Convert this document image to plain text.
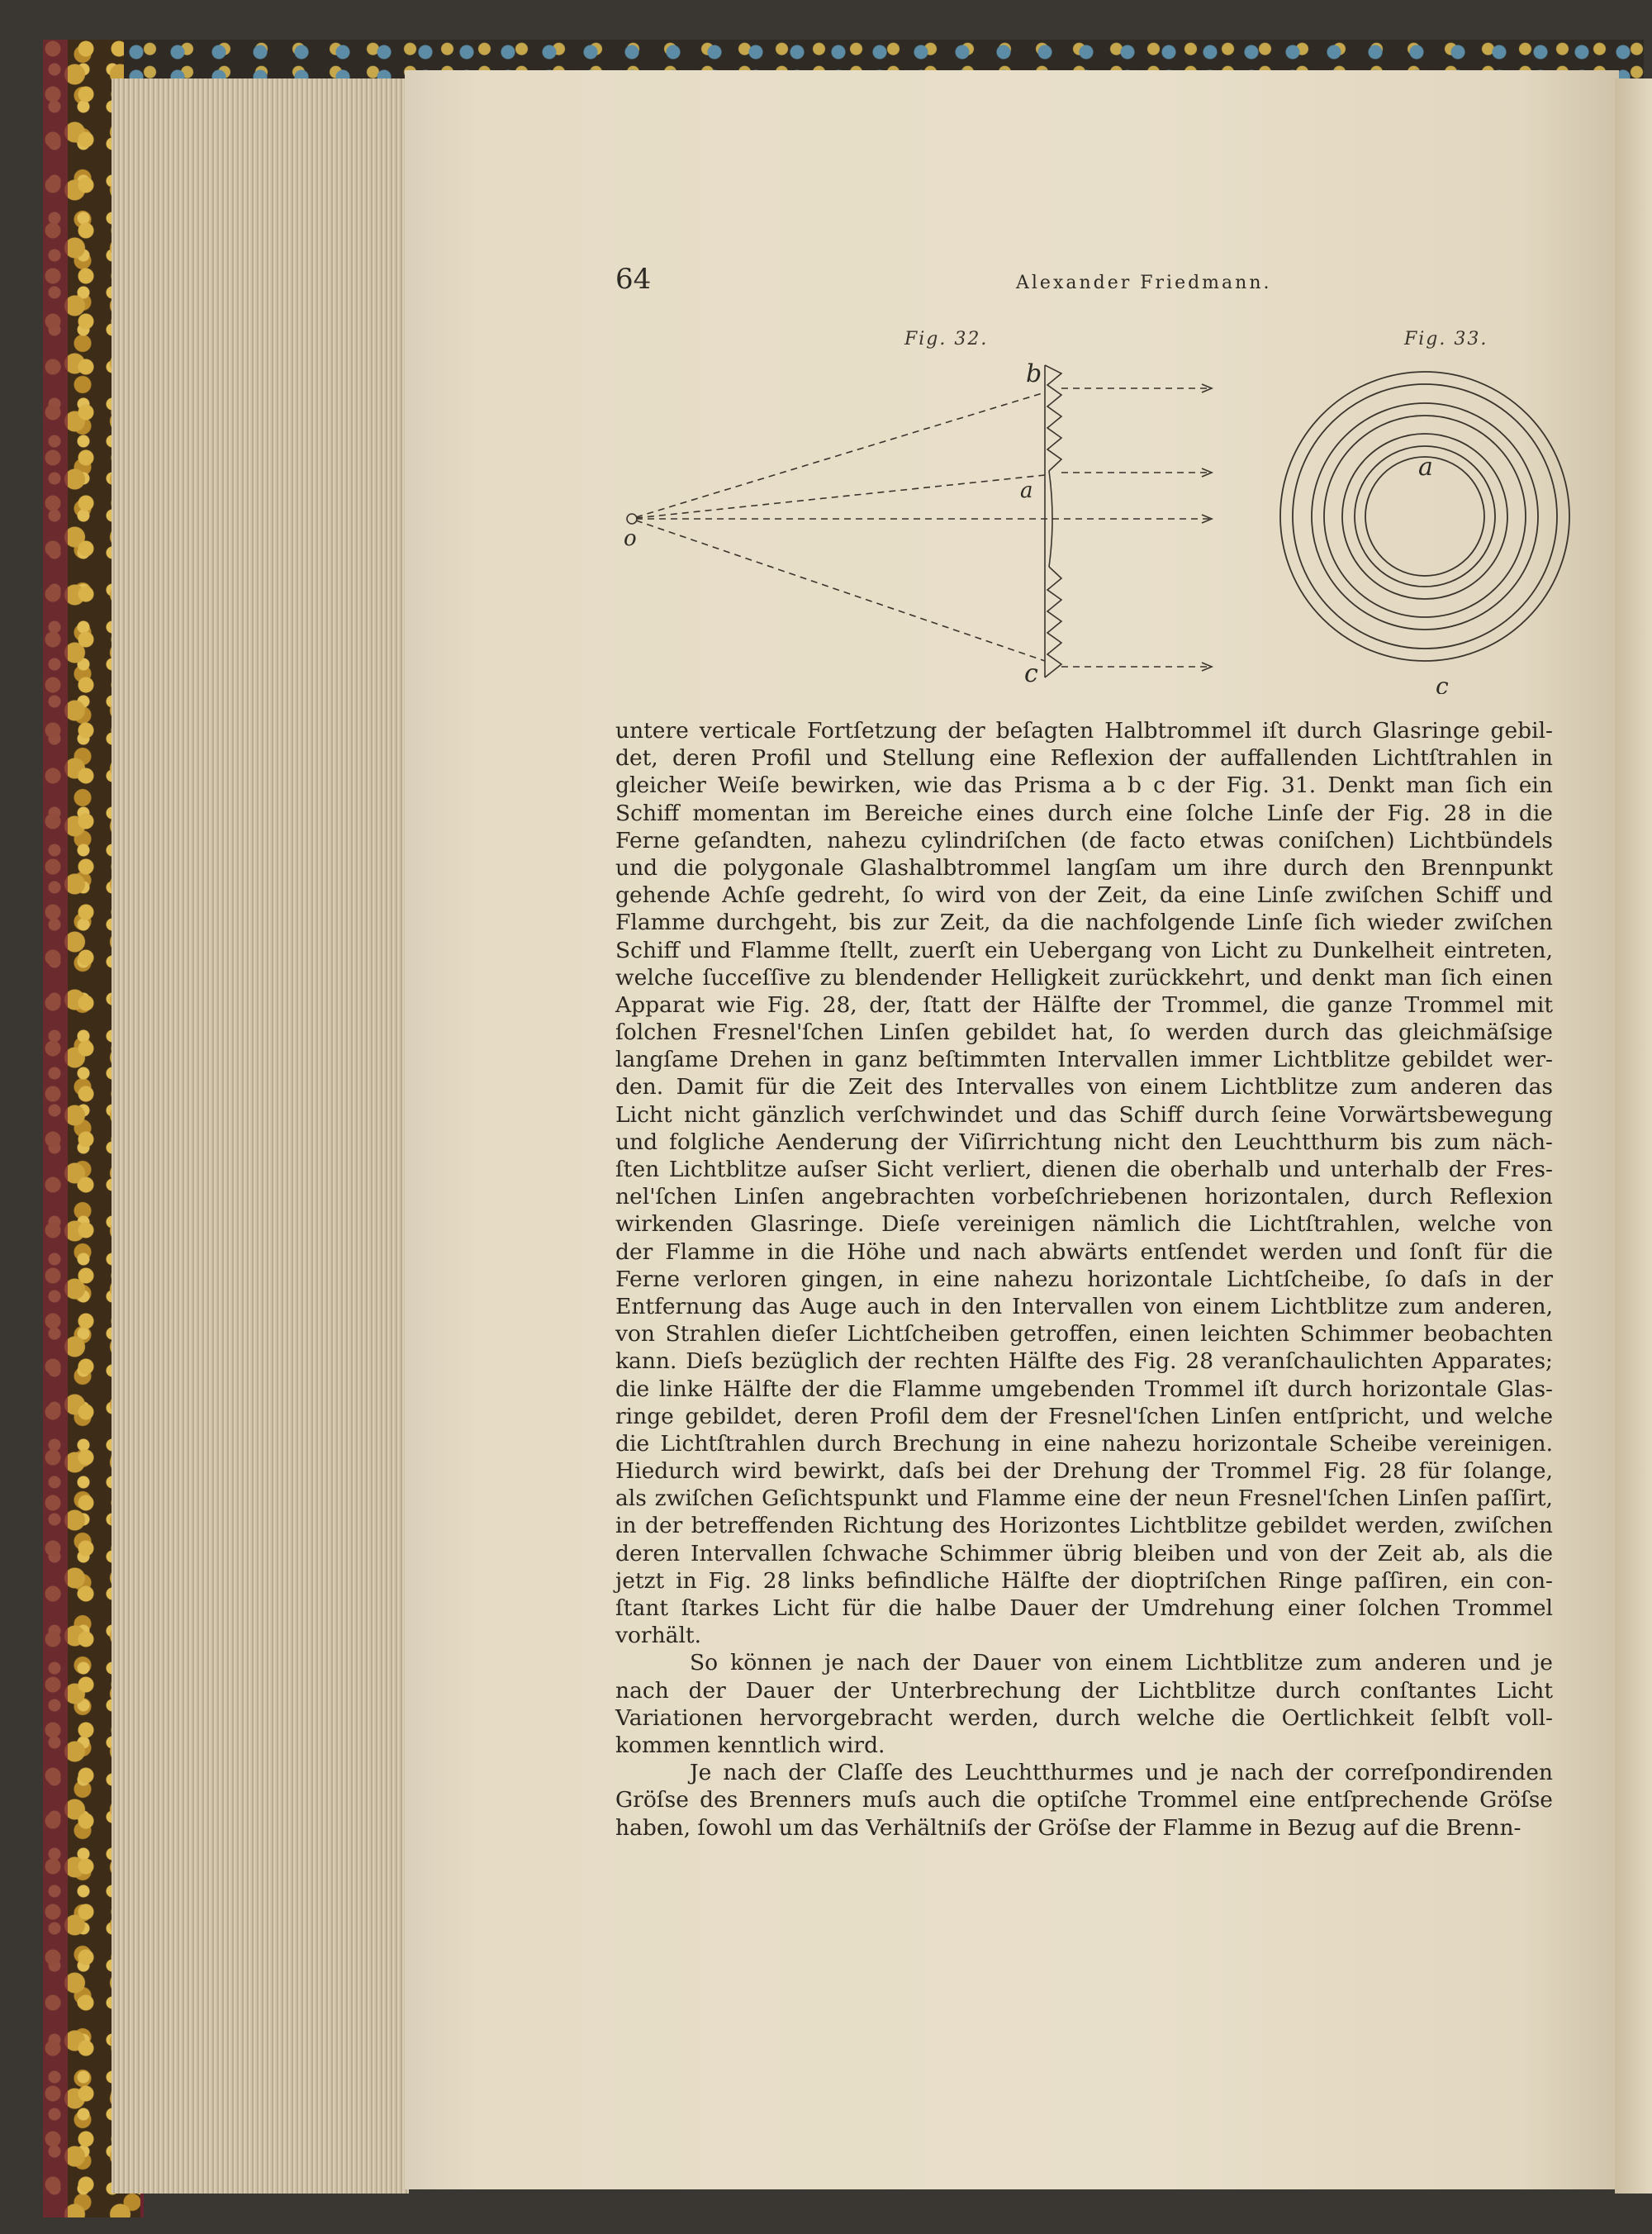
64	Alexander Friedmann.
Fig. 32.
b
a
o
c
Fig. 33.
a
c
untere verticale Fortſetzung der beſagten Halbtrommel iſt durch Glasringe gebil-
det, deren Profil und Stellung eine Reflexion der auffallenden Lichtſtrahlen in
gleicher Weiſe bewirken, wie das Prisma a b c der Fig. 31. Denkt man ſich ein
Schiff momentan im Bereiche eines durch eine ſolche Linſe der Fig. 28 in die
Ferne geſandten, nahezu cylindriſchen (de facto etwas coniſchen) Lichtbündels
und die polygonale Glashalbtrommel langſam um ihre durch den Brennpunkt
gehende Achſe gedreht, ſo wird von der Zeit, da eine Linſe zwiſchen Schiff und
Flamme durchgeht, bis zur Zeit, da die nachfolgende Linſe ſich wieder zwiſchen
Schiff und Flamme ſtellt, zuerſt ein Uebergang von Licht zu Dunkelheit eintreten,
welche ſucceſſive zu blendender Helligkeit zurückkehrt, und denkt man ſich einen
Apparat wie Fig. 28, der, ſtatt der Hälfte der Trommel, die ganze Trommel mit
ſolchen Fresnel'ſchen Linſen gebildet hat, ſo werden durch das gleichmäſsige
langſame Drehen in ganz beſtimmten Intervallen immer Lichtblitze gebildet wer-
den. Damit für die Zeit des Intervalles von einem Lichtblitze zum anderen das
Licht nicht gänzlich verſchwindet und das Schiff durch ſeine Vorwärtsbewegung
und folgliche Aenderung der Viſirrichtung nicht den Leuchtthurm bis zum näch-
ſten Lichtblitze auſser Sicht verliert, dienen die oberhalb und unterhalb der Fres-
nel'ſchen Linſen angebrachten vorbeſchriebenen horizontalen, durch Reflexion
wirkenden Glasringe. Dieſe vereinigen nämlich die Lichtſtrahlen, welche von
der Flamme in die Höhe und nach abwärts entſendet werden und ſonſt für die
Ferne verloren gingen, in eine nahezu horizontale Lichtſcheibe, ſo daſs in der
Entfernung das Auge auch in den Intervallen von einem Lichtblitze zum anderen,
von Strahlen dieſer Lichtſcheiben getroffen, einen leichten Schimmer beobachten
kann. Dieſs bezüglich der rechten Hälfte des Fig. 28 veranſchaulichten Apparates;
die linke Hälfte der die Flamme umgebenden Trommel iſt durch horizontale Glas-
ringe gebildet, deren Profil dem der Fresnel'ſchen Linſen entſpricht, und welche
die Lichtſtrahlen durch Brechung in eine nahezu horizontale Scheibe vereinigen.
Hiedurch wird bewirkt, daſs bei der Drehung der Trommel Fig. 28 für ſolange,
als zwiſchen Geſichtspunkt und Flamme eine der neun Fresnel'ſchen Linſen paſſirt,
in der betreffenden Richtung des Horizontes Lichtblitze gebildet werden, zwiſchen
deren Intervallen ſchwache Schimmer übrig bleiben und von der Zeit ab, als die
jetzt in Fig. 28 links befindliche Hälfte der dioptriſchen Ringe paſſiren, ein con-
ſtant ſtarkes Licht für die halbe Dauer der Umdrehung einer ſolchen Trommel
vorhält.
So können je nach der Dauer von einem Lichtblitze zum anderen und je
nach der Dauer der Unterbrechung der Lichtblitze durch conſtantes Licht
Variationen hervorgebracht werden, durch welche die Oertlichkeit ſelbſt voll-
kommen kenntlich wird.
Je nach der Claſſe des Leuchtthurmes und je nach der correſpondirenden
Gröſse des Brenners muſs auch die optiſche Trommel eine entſprechende Gröſse
haben, ſowohl um das Verhältniſs der Gröſse der Flamme in Bezug auf die Brenn-
